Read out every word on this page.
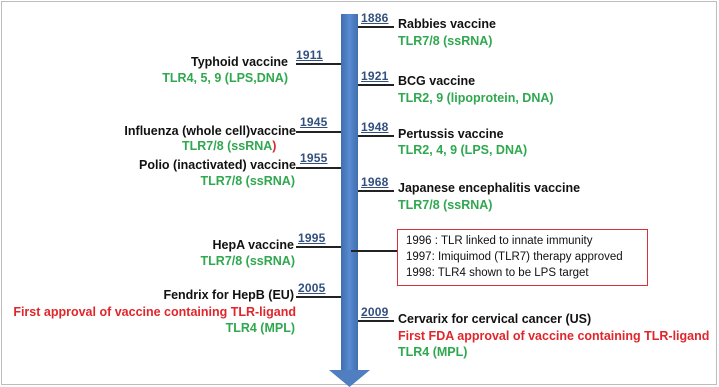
1911
Typhoid vaccine
TLR4, 5, 9 (LPS,DNA)
1945
Influenza (whole cell)vaccine
TLR7/8 (ssRNA)
1955
Polio (inactivated) vaccine
TLR7/8 (ssRNA)
1995
HepA vaccine
TLR7/8 (ssRNA)
2005
Fendrix for HepB (EU)
First approval of vaccine containing TLR-ligand
TLR4 (MPL)
1886 Rabbies vaccine
TLR7/8 (ssRNA)
1921 BCG vaccine
TLR2, 9 (lipoprotein, DNA)
1948 Pertussis vaccine
TLR2, 4, 9 (LPS, DNA)
1968 Japanese encephalitis vaccine
TLR7/8 (ssRNA)
2009 Cervarix for cervical cancer (US)
First FDA approval of vaccine containing TLR-ligand
TLR4 (MPL)
1996 : TLR linked to innate immunity
1997: Imiquimod (TLR7) therapy approved
1998: TLR4 shown to be LPS target
